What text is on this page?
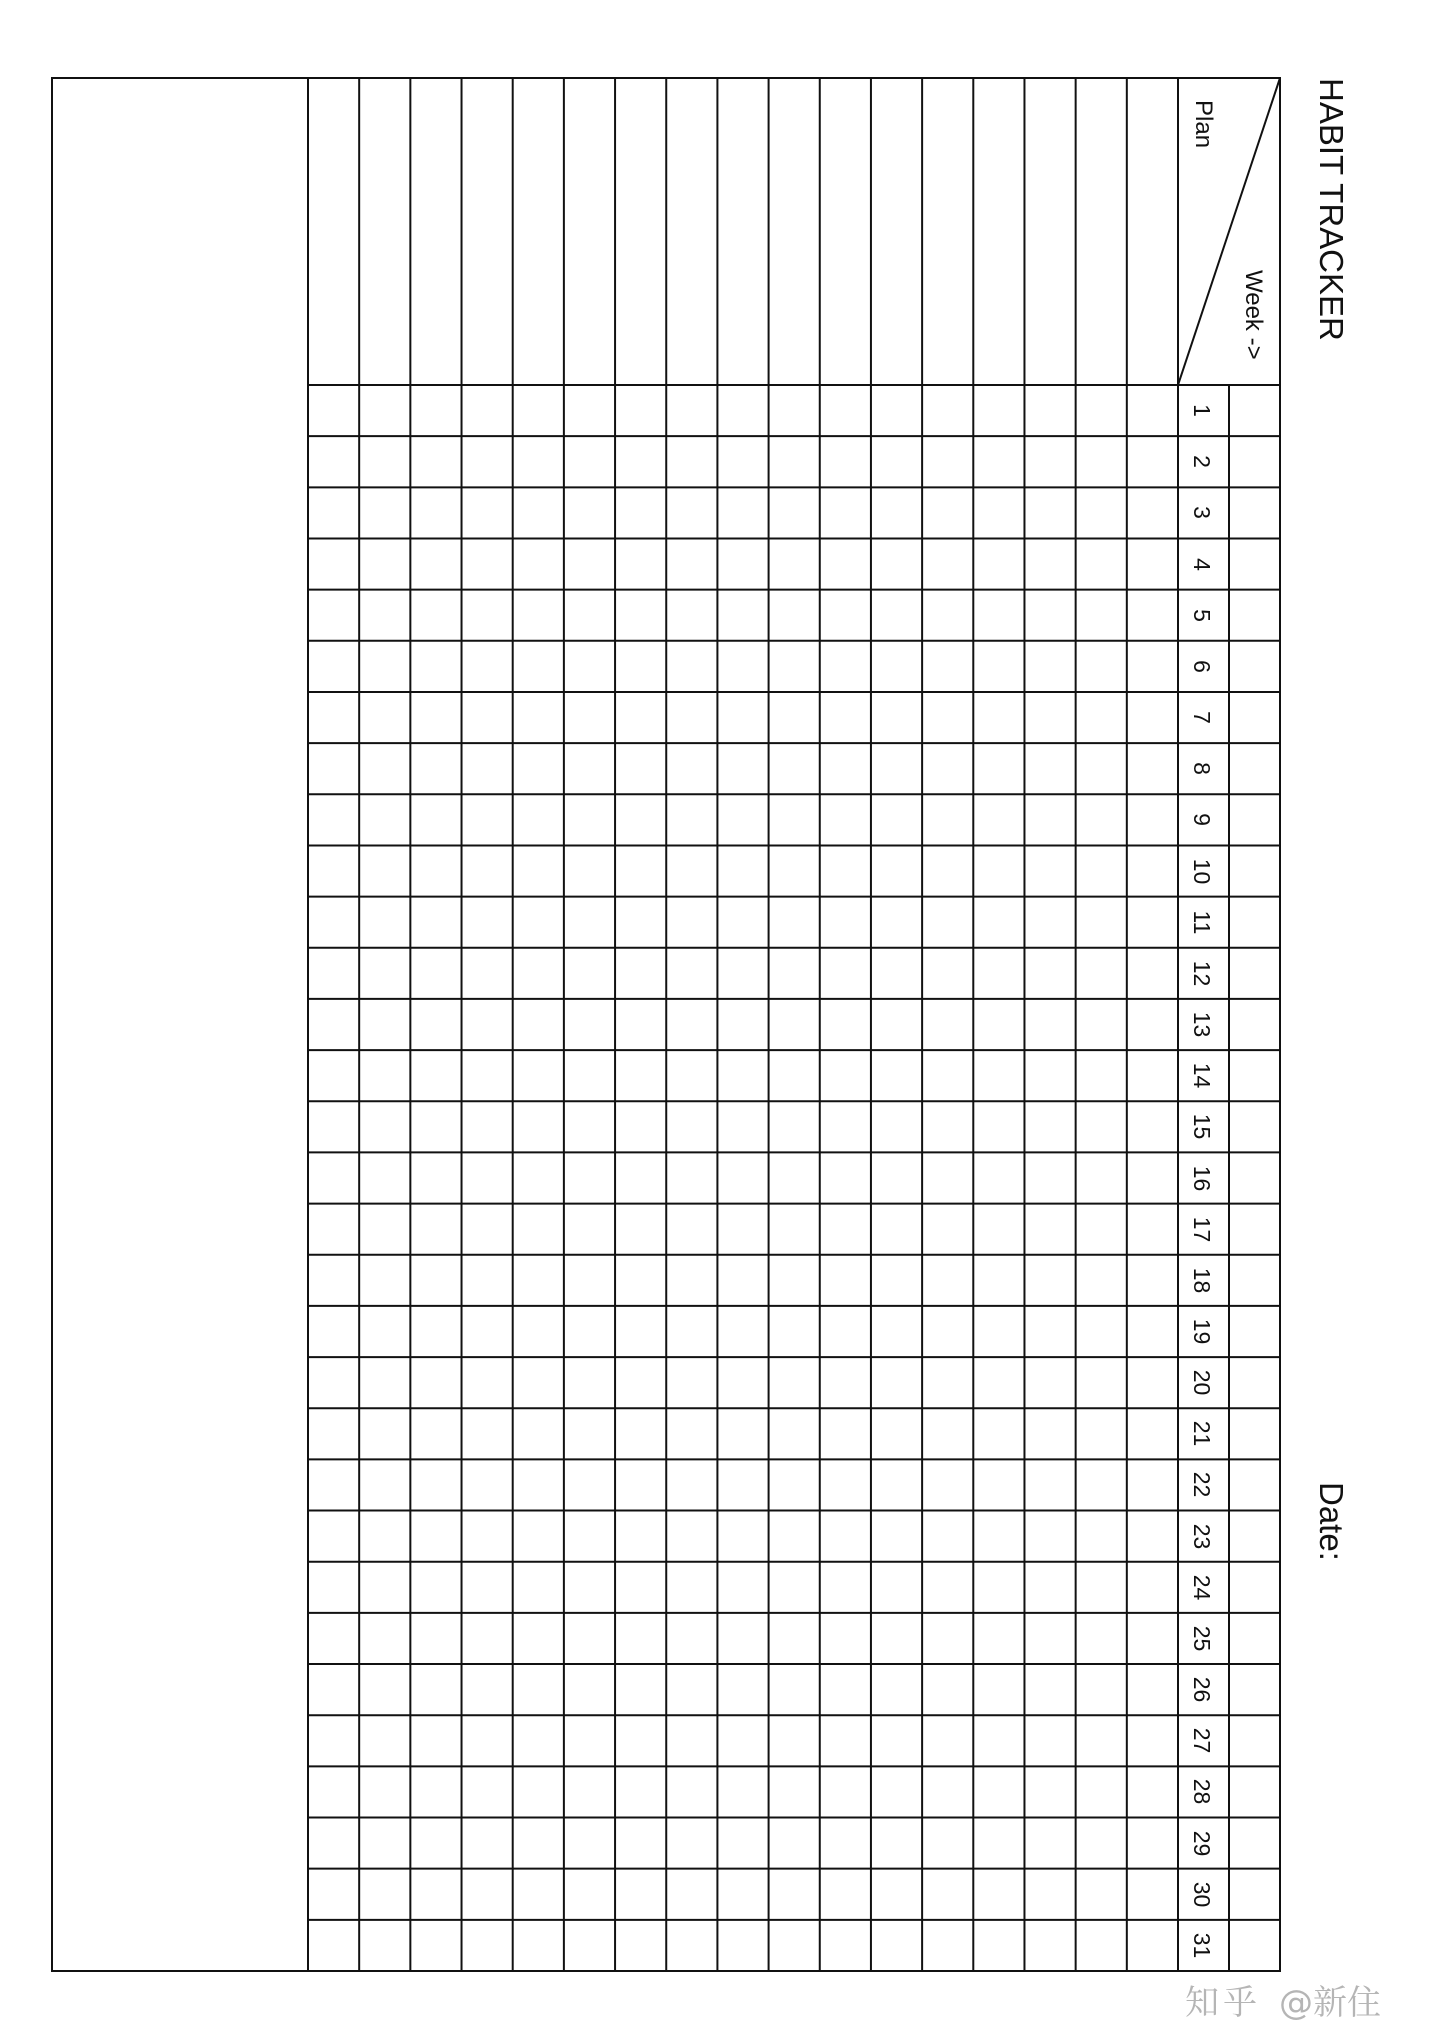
HABIT TRACKER
Date:
Week ->
Plan
1
2
3
4
5
6
7
8
9
10
11
12
13
14
15
16
17
18
19
20
21
22
23
24
25
26
27
28
29
30
31
知乎 @新住
